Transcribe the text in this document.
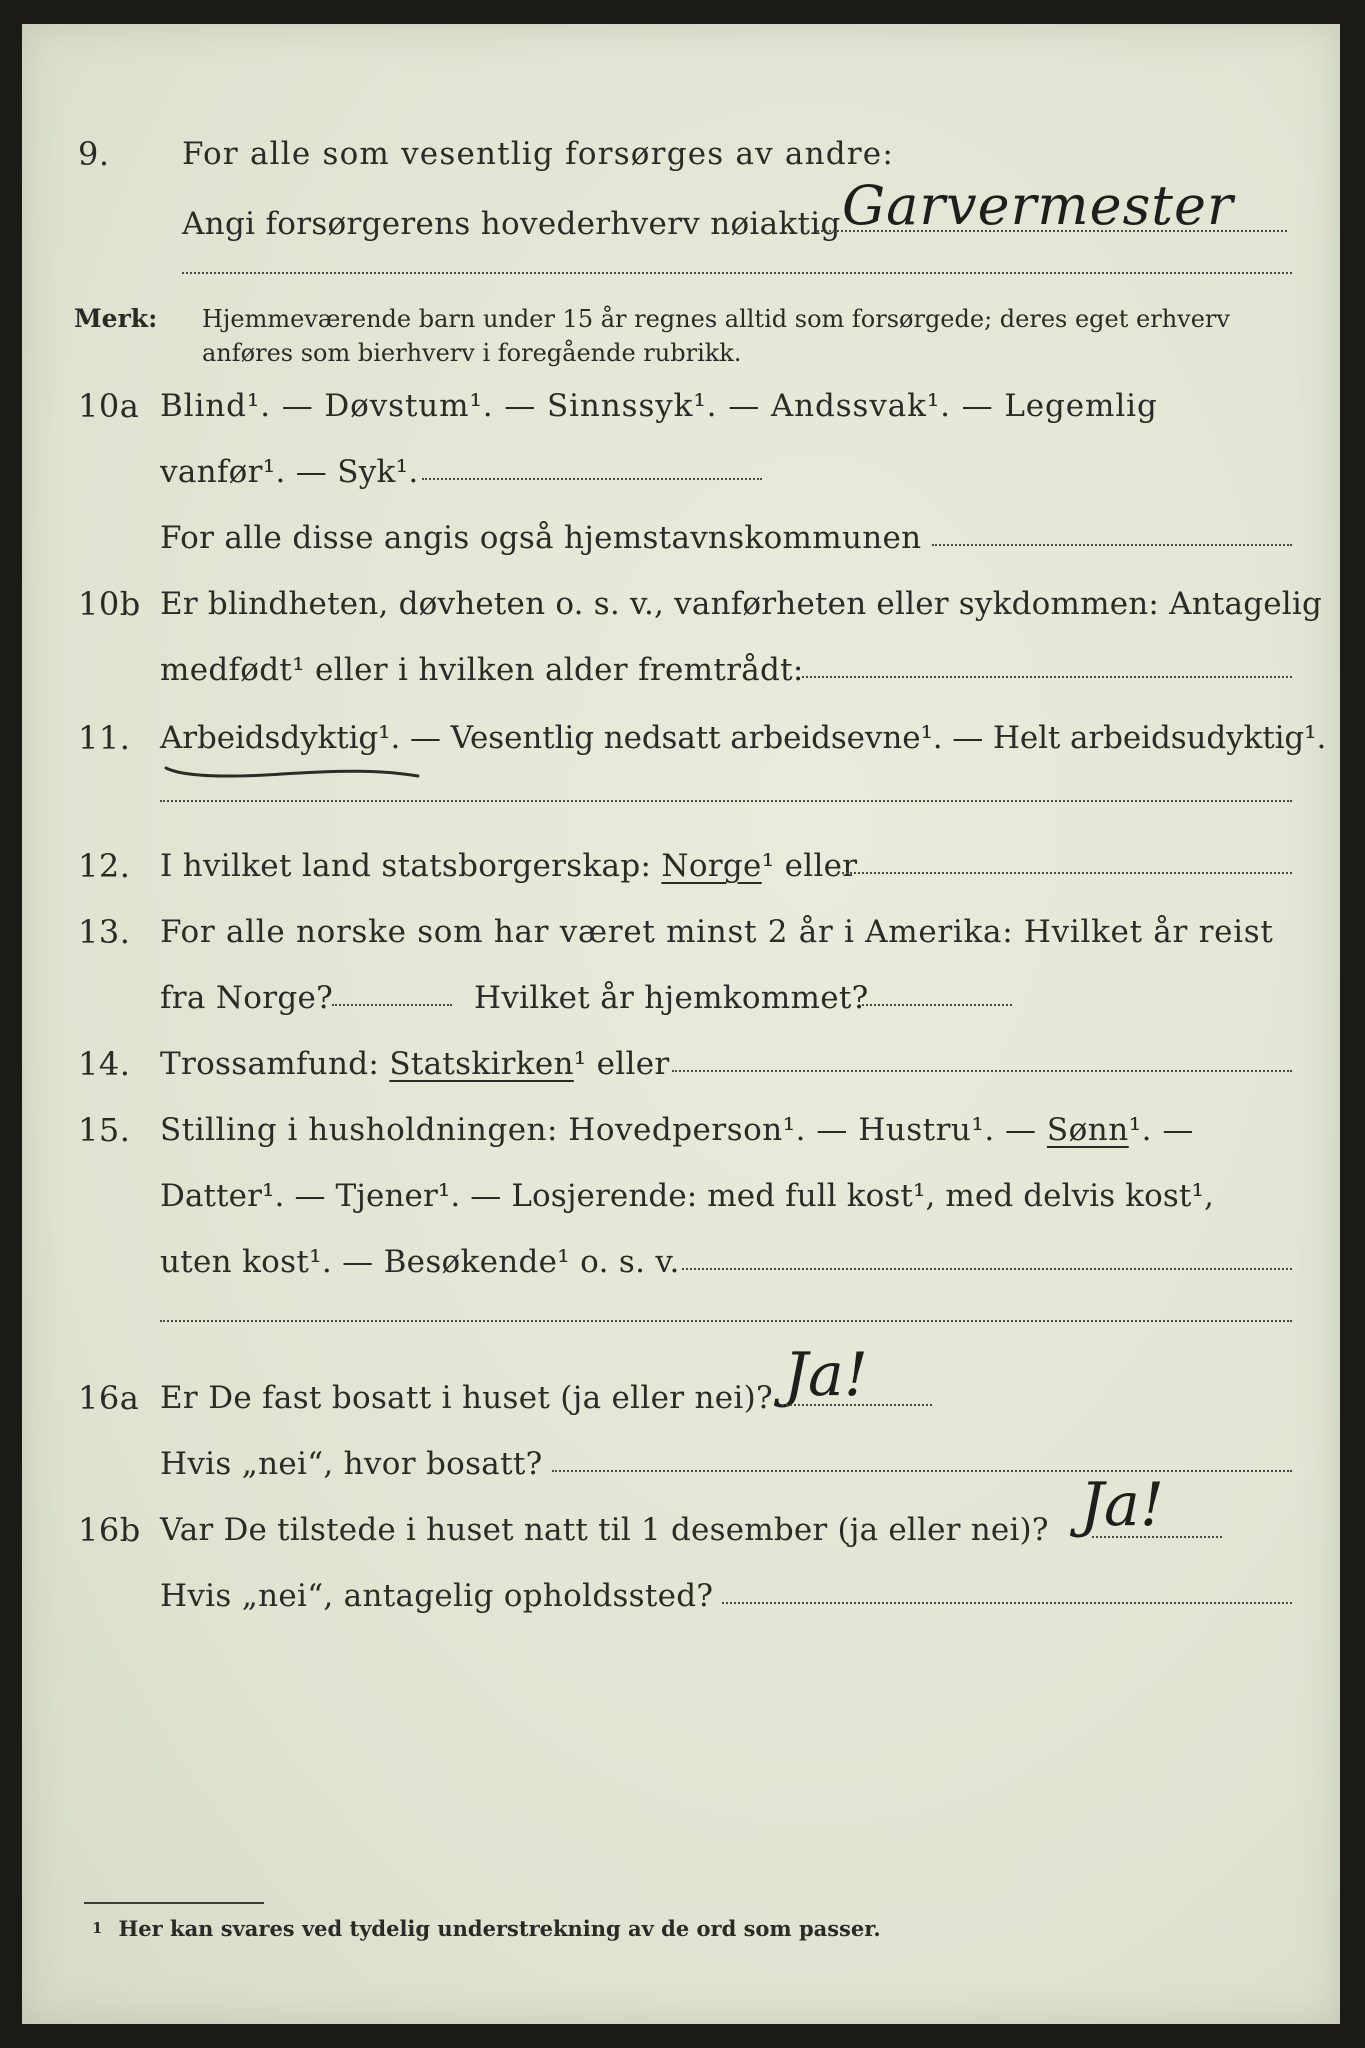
9. For alle som vesentlig forsørges av andre:
Angi forsørgerens hovederhverv nøiaktig Garvermester
Merk: Hjemmeværende barn under 15 år regnes alltid som forsørgede; deres eget erhverv
anføres som bierhverv i foregående rubrikk.
10a Blind¹. — Døvstum¹. — Sinnssyk¹. — Andssvak¹. — Legemlig
vanfør¹. — Syk¹.
For alle disse angis også hjemstavnskommunen
10b Er blindheten, døvheten o. s. v., vanførheten eller sykdommen: Antagelig
medfødt¹ eller i hvilken alder fremtrådt:
11. Arbeidsdyktig¹. — Vesentlig nedsatt arbeidsevne¹. — Helt arbeidsudyktig¹.
12. I hvilket land statsborgerskap: Norge¹ eller
13. For alle norske som har været minst 2 år i Amerika: Hvilket år reist
fra Norge?	Hvilket år hjemkommet?
14. Trossamfund: Statskirken¹ eller
15. Stilling i husholdningen: Hovedperson¹. — Hustru¹. — Sønn¹. —
Datter¹. — Tjener¹. — Losjerende: med full kost¹, med delvis kost¹,
uten kost¹. — Besøkende¹ o. s. v.
16a Er De fast bosatt i huset (ja eller nei)? Ja!
Hvis „nei“, hvor bosatt?
16b Var De tilstede i huset natt til 1 desember (ja eller nei)? Ja!
Hvis „nei“, antagelig opholdssted?
1 Her kan svares ved tydelig understrekning av de ord som passer.
